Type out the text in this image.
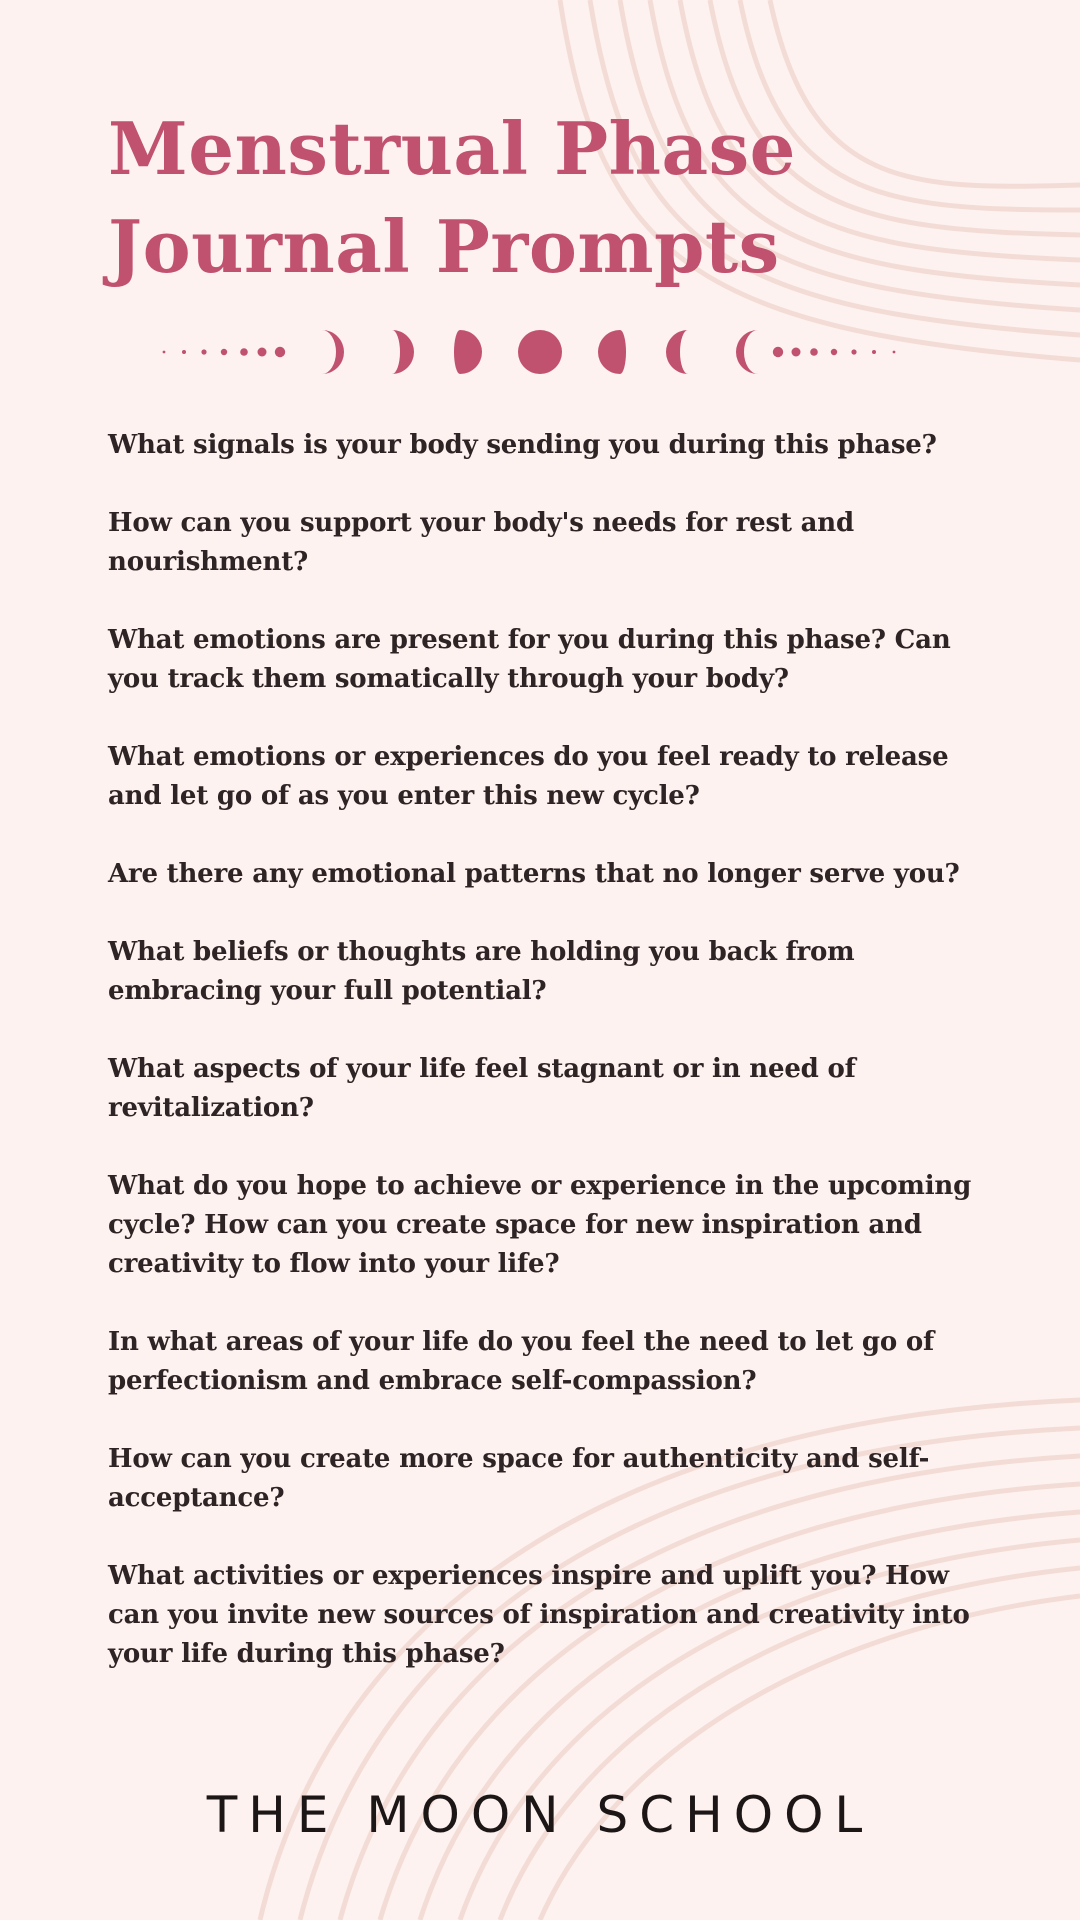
Menstrual Phase
Journal Prompts
What signals is your body sending you during this phase?
How can you support your body's needs for rest and nourishment?
What emotions are present for you during this phase? Can you track them somatically through your body?
What emotions or experiences do you feel ready to release and let go of as you enter this new cycle?
Are there any emotional patterns that no longer serve you?
What beliefs or thoughts are holding you back from embracing your full potential?
What aspects of your life feel stagnant or in need of revitalization?
What do you hope to achieve or experience in the upcoming cycle? How can you create space for new inspiration and creativity to flow into your life?
In what areas of your life do you feel the need to let go of perfectionism and embrace self-compassion?
How can you create more space for authenticity and self-acceptance?
What activities or experiences inspire and uplift you? How can you invite new sources of inspiration and creativity into your life during this phase?
THE MOON SCHOOL
